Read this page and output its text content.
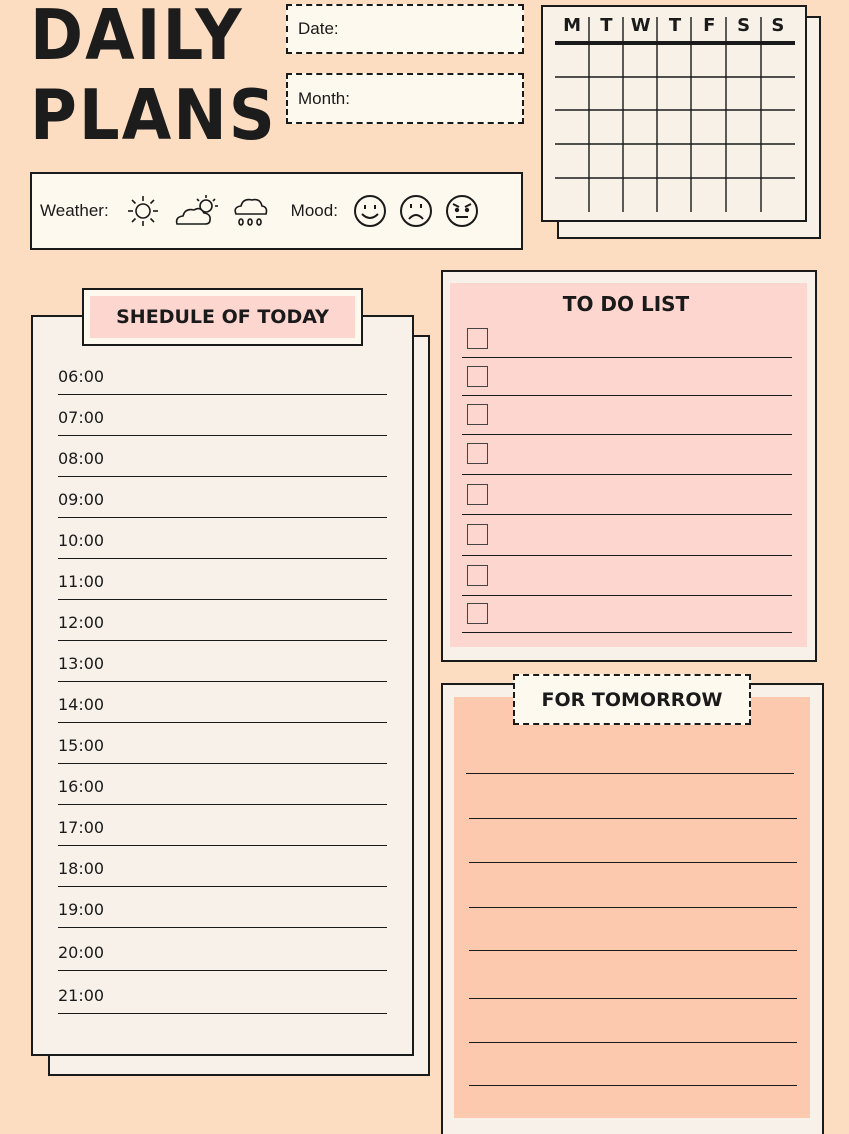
DAILY
PLANS
Date:
Month:
Weather:	Mood:
M	T	W	T	F	S	S
SHEDULE OF TODAY
06:00
07:00
08:00
09:00
10:00
11:00
12:00
13:00
14:00
15:00
16:00
17:00
18:00
19:00
20:00
21:00
TO DO LIST
FOR TOMORROW
